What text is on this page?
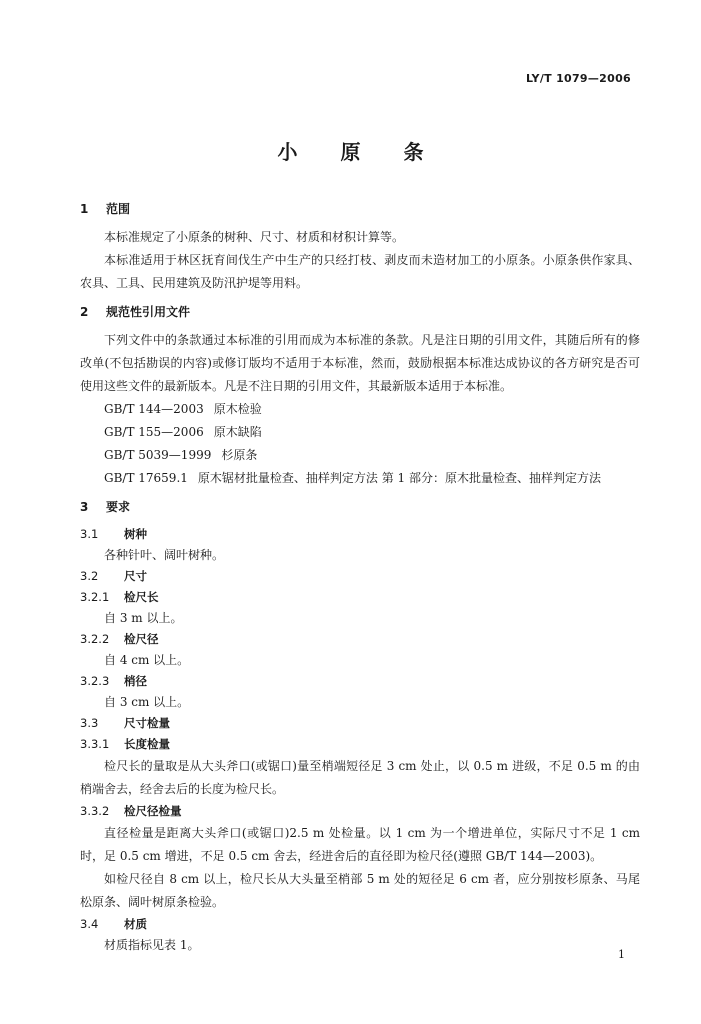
LY/T 1079—2006
小 原 条
1 范围

本标准规定了小原条的树种、尺寸、材质和材积计算等。

本标准适用于林区抚育间伐生产中生产的只经打枝、剥皮而未造材加工的小原条。小原条供作家具、农具、工具、民用建筑及防汛护堤等用料。

2 规范性引用文件

下列文件中的条款通过本标准的引用而成为本标准的条款。凡是注日期的引用文件，其随后所有的修改单(不包括勘误的内容)或修订版均不适用于本标准，然而，鼓励根据本标准达成协议的各方研究是否可使用这些文件的最新版本。凡是不注日期的引用文件，其最新版本适用于本标准。

GB/T 144—2003 原木检验
GB/T 155—2006 原木缺陷
GB/T 5039—1999 杉原条
GB/T 17659.1 原木锯材批量检查、抽样判定方法 第 1 部分：原木批量检查、抽样判定方法
3 要求
3.1 树种
各种针叶、阔叶树种。
3.2 尺寸
3.2.1 检尺长
自 3 m 以上。
3.2.2 检尺径
自 4 cm 以上。
3.2.3 梢径
自 3 cm 以上。
3.3 尺寸检量
3.3.1 长度检量

检尺长的量取是从大头斧口(或锯口)量至梢端短径足 3 cm 处止，以 0.5 m 进级，不足 0.5 m 的由梢端舍去，经舍去后的长度为检尺长。

3.3.2 检尺径检量

直径检量是距离大头斧口(或锯口)2.5 m 处检量。以 1 cm 为一个增进单位，实际尺寸不足 1 cm 时，足 0.5 cm 增进，不足 0.5 cm 舍去，经进舍后的直径即为检尺径(遵照 GB/T 144—2003)。

如检尺径自 8 cm 以上，检尺长从大头量至梢部 5 m 处的短径足 6 cm 者，应分别按杉原条、马尾松原条、阔叶树原条检验。

3.4 材质
材质指标见表 1。
1
